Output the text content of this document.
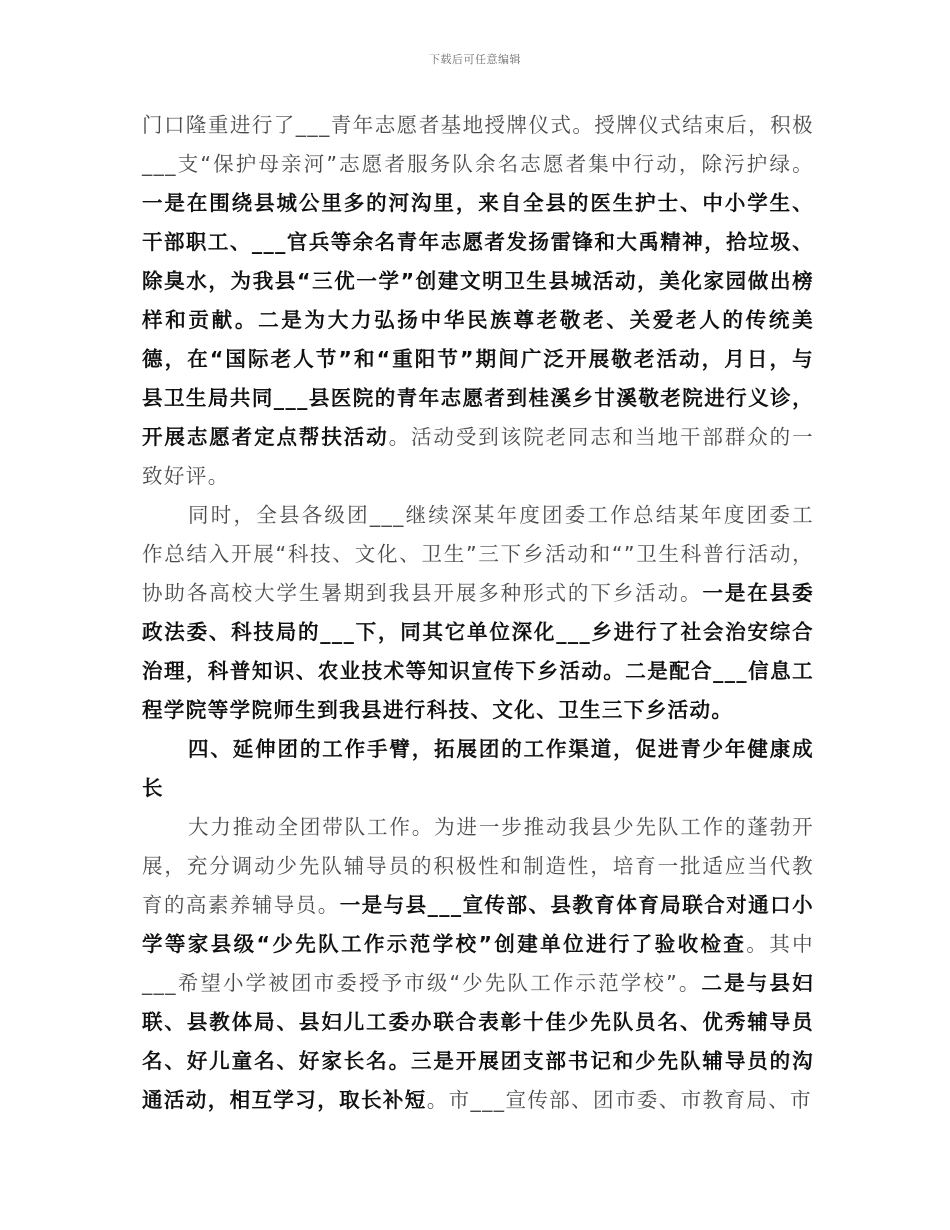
下载后可任意编辑

门口隆重进行了___青年志愿者基地授牌仪式。授牌仪式结束后，积极___支“保护母亲河”志愿者服务队余名志愿者集中行动，除污护绿。一是在围绕县城公里多的河沟里，来自全县的医生护士、中小学生、干部职工、___官兵等余名青年志愿者发扬雷锋和大禹精神，拾垃圾、除臭水，为我县“三优一学”创建文明卫生县城活动，美化家园做出榜样和贡献。二是为大力弘扬中华民族尊老敬老、关爱老人的传统美德，在“国际老人节”和“重阳节”期间广泛开展敬老活动，月日，与县卫生局共同___县医院的青年志愿者到桂溪乡甘溪敬老院进行义诊，开展志愿者定点帮扶活动。活动受到该院老同志和当地干部群众的一致好评。

同时，全县各级团___继续深某年度团委工作总结某年度团委工作总结入开展“科技、文化、卫生”三下乡活动和“”卫生科普行活动，协助各高校大学生暑期到我县开展多种形式的下乡活动。一是在县委政法委、科技局的___下，同其它单位深化___乡进行了社会治安综合治理，科普知识、农业技术等知识宣传下乡活动。二是配合___信息工程学院等学院师生到我县进行科技、文化、卫生三下乡活动。

四、延伸团的工作手臂，拓展团的工作渠道，促进青少年健康成长

大力推动全团带队工作。为进一步推动我县少先队工作的蓬勃开展，充分调动少先队辅导员的积极性和制造性，培育一批适应当代教育的高素养辅导员。一是与县___宣传部、县教育体育局联合对通口小学等家县级“少先队工作示范学校”创建单位进行了验收检查。其中___希望小学被团市委授予市级“少先队工作示范学校”。二是与县妇联、县教体局、县妇儿工委办联合表彰十佳少先队员名、优秀辅导员名、好儿童名、好家长名。三是开展团支部书记和少先队辅导员的沟通活动，相互学习，取长补短。市___宣传部、团市委、市教育局、市
